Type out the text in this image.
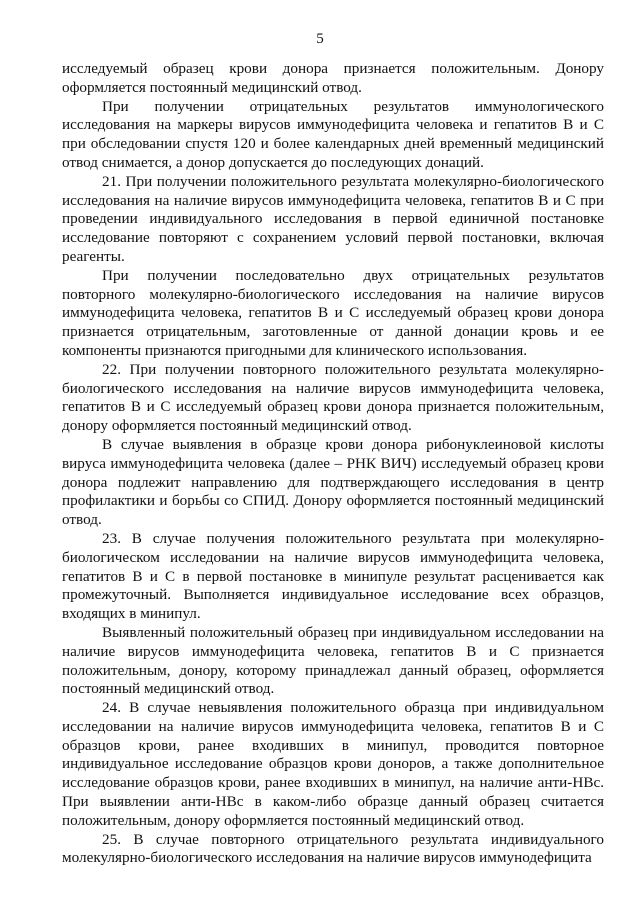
5

исследуемый образец крови донора признается положительным. Донору оформляется постоянный медицинский отвод.

При получении отрицательных результатов иммунологического исследования на маркеры вирусов иммунодефицита человека и гепатитов В и С при обследовании спустя 120 и более календарных дней временный медицинский отвод снимается, а донор допускается до последующих донаций.

21. При получении положительного результата молекулярно-биологического исследования на наличие вирусов иммунодефицита человека, гепатитов В и С при проведении индивидуального исследования в первой единичной постановке исследование повторяют с сохранением условий первой постановки, включая реагенты.

При получении последовательно двух отрицательных результатов повторного молекулярно-биологического исследования на наличие вирусов иммунодефицита человека, гепатитов В и С исследуемый образец крови донора признается отрицательным, заготовленные от данной донации кровь и ее компоненты признаются пригодными для клинического использования.

22. При получении повторного положительного результата молекулярно-биологического исследования на наличие вирусов иммунодефицита человека, гепатитов В и С исследуемый образец крови донора признается положительным, донору оформляется постоянный медицинский отвод.

В случае выявления в образце крови донора рибонуклеиновой кислоты вируса иммунодефицита человека (далее – РНК ВИЧ) исследуемый образец крови донора подлежит направлению для подтверждающего исследования в центр профилактики и борьбы со СПИД. Донору оформляется постоянный медицинский отвод.

23. В случае получения положительного результата при молекулярно-биологическом исследовании на наличие вирусов иммунодефицита человека, гепатитов В и С в первой постановке в минипуле результат расценивается как промежуточный. Выполняется индивидуальное исследование всех образцов, входящих в минипул.

Выявленный положительный образец при индивидуальном исследовании на наличие вирусов иммунодефицита человека, гепатитов В и С признается положительным, донору, которому принадлежал данный образец, оформляется постоянный медицинский отвод.

24. В случае невыявления положительного образца при индивидуальном исследовании на наличие вирусов иммунодефицита человека, гепатитов В и С образцов крови, ранее входивших в минипул, проводится повторное индивидуальное исследование образцов крови доноров, а также дополнительное исследование образцов крови, ранее входивших в минипул, на наличие анти-HBc. При выявлении анти-HBc в каком-либо образце данный образец считается положительным, донору оформляется постоянный медицинский отвод.

25. В случае повторного отрицательного результата индивидуального молекулярно-биологического исследования на наличие вирусов иммунодефицита
